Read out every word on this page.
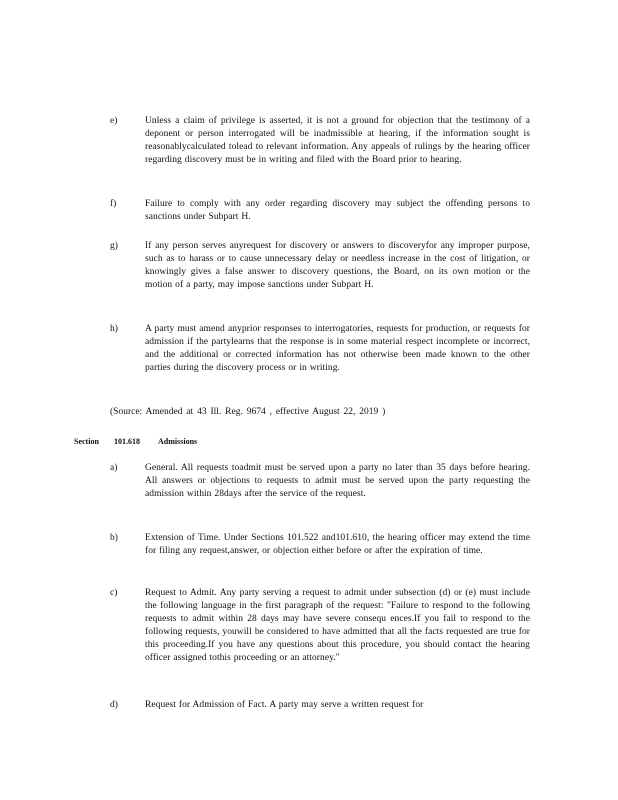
e)	Unless a claim of privilege is asserted, it is not a ground for objection that the testimony of a deponent or person interrogated will be inadmissible at hearing, if the information sought is reasonablycalculated tolead to relevant information. Any appeals of rulings by the hearing officer regarding discovery must be in writing and filed with the Board prior to hearing.
f)	Failure to comply with any order regarding discovery may subject the offending persons to sanctions under Subpart H.
g)	If any person serves anyrequest for discovery or answers to discoveryfor any improper purpose, such as to harass or to cause unnecessary delay or needless increase in the cost of litigation, or knowingly gives a false answer to discovery questions, the Board, on its own motion or the motion of a party, may impose sanctions under Subpart H.
h)	A party must amend anyprior responses to interrogatories, requests for production, or requests for admission if the partylearns that the response is in some material respect incomplete or incorrect, and the additional or corrected information has not otherwise been made known to the other parties during the discovery process or in writing.
(Source: Amended at 43 Ill. Reg. 9674 , effective August 22, 2019 )
Section 101.618 Admissions
a)	General. All requests toadmit must be served upon a party no later than 35 days before hearing. All answers or objections to requests to admit must be served upon the party requesting the admission within 28days after the service of the request.
b)	Extension of Time. Under Sections 101.522 and101.610, the hearing officer may extend the time for filing any request,answer, or objection either before or after the expiration of time.
c)	Request to Admit. Any party serving a request to admit under subsection (d) or (e) must include the following language in the first paragraph of the request: "Failure to respond to the following requests to admit within 28 days may have severe consequ ences.If you fail to respond to the following requests, youwill be considered to have admitted that all the facts requested are true for this proceeding.If you have any questions about this procedure, you should contact the hearing officer assigned tothis proceeding or an attorney."
d)	Request for Admission of Fact. A party may serve a written request for
